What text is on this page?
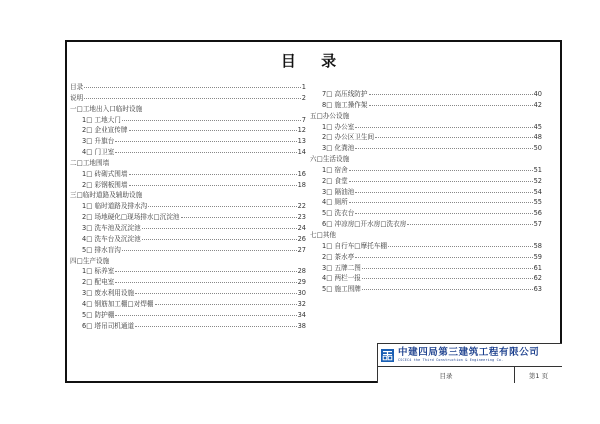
目 录
目录	1
说明	2
一□工地出入口临时设施
1□ 工地大门	7
2□ 企业宣传牌	12
3□ 升旗台	13
4□ 门卫室	14
二□工地围墙
1□ 砖砌式围墙	16
2□ 彩钢板围墙	18
三□临时道路及辅助设施
1□ 临时道路及排水沟	22
2□ 场地硬化□现场排水□沉淀池	23
3□ 洗车池及沉淀池	24
4□ 洗车台及沉淀池	26
5□ 排水盲沟	27
四□生产设施
1□ 标养室	28
2□ 配电室	29
3□ 废水利用设施	30
4□ 钢筋加工棚□对焊棚	32
5□ 防护棚	34
6□ 塔吊司机通道	38
7□ 高压线防护	40
8□ 施工操作架	42
五□办公设施
1□ 办公室	45
2□ 办公区卫生间	48
3□ 化粪池	50
六□生活设施
1□ 宿舍	51
2□ 食堂	52
3□ 隔油池	54
4□ 厕所	55
5□ 洗衣台	56
6□ 冲凉房□开水房□洗衣房	57
七□其他
1□ 自行车□摩托车棚	58
2□ 茶水亭	59
3□ 五牌二图	61
4□ 两栏一报	62
5□ 施工围牌	63
中建四局第三建筑工程有限公司
CSCEC4 the Third Construction & Engineering Co.
目录	第1 页
